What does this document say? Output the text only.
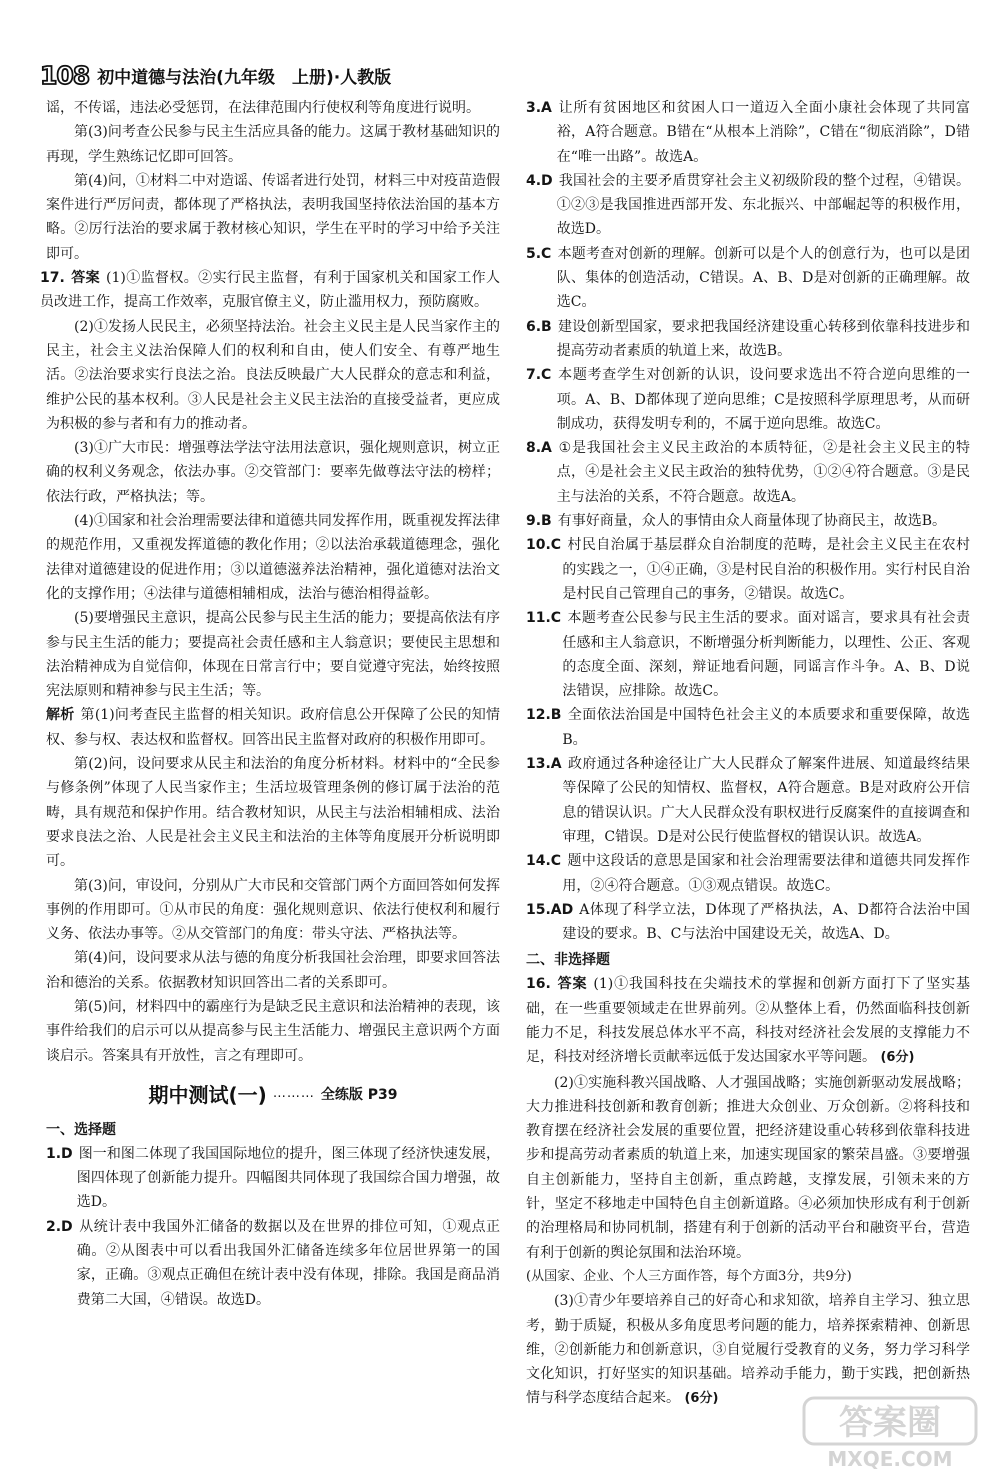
108 初中道德与法治(九年级　上册)·人教版

谣，不传谣，违法必受惩罚，在法律范围内行使权利等角度进行说明。

第(3)问考查公民参与民主生活应具备的能力。这属于教材基础知识的再现，学生熟练记忆即可回答。

第(4)问，①材料二中对造谣、传谣者进行处罚，材料三中对疫苗造假案件进行严厉问责，都体现了严格执法，表明我国坚持依法治国的基本方略。②厉行法治的要求属于教材核心知识，学生在平时的学习中给予关注即可。

17. 答案 (1)①监督权。②实行民主监督，有利于国家机关和国家工作人员改进工作，提高工作效率，克服官僚主义，防止滥用权力，预防腐败。

(2)①发扬人民民主，必须坚持法治。社会主义民主是人民当家作主的民主，社会主义法治保障人们的权利和自由，使人们安全、有尊严地生活。②法治要求实行良法之治。良法反映最广大人民群众的意志和利益，维护公民的基本权利。③人民是社会主义民主法治的直接受益者，更应成为积极的参与者和有力的推动者。

(3)①广大市民：增强尊法学法守法用法意识，强化规则意识，树立正确的权利义务观念，依法办事。②交管部门：要率先做尊法守法的榜样；依法行政，严格执法；等。

(4)①国家和社会治理需要法律和道德共同发挥作用，既重视发挥法律的规范作用，又重视发挥道德的教化作用；②以法治承载道德理念，强化法律对道德建设的促进作用；③以道德滋养法治精神，强化道德对法治文化的支撑作用；④法律与道德相辅相成，法治与德治相得益彰。

(5)要增强民主意识，提高公民参与民主生活的能力；要提高依法有序参与民主生活的能力；要提高社会责任感和主人翁意识；要使民主思想和法治精神成为自觉信仰，体现在日常言行中；要自觉遵守宪法，始终按照宪法原则和精神参与民主生活；等。

解析 第(1)问考查民主监督的相关知识。政府信息公开保障了公民的知情权、参与权、表达权和监督权。回答出民主监督对政府的积极作用即可。

第(2)问，设问要求从民主和法治的角度分析材料。材料中的“全民参与修条例”体现了人民当家作主；生活垃圾管理条例的修订属于法治的范畴，具有规范和保护作用。结合教材知识，从民主与法治相辅相成、法治要求良法之治、人民是社会主义民主和法治的主体等角度展开分析说明即可。

第(3)问，审设问，分别从广大市民和交管部门两个方面回答如何发挥事例的作用即可。①从市民的角度：强化规则意识、依法行使权利和履行义务、依法办事等。②从交管部门的角度：带头守法、严格执法等。

第(4)问，设问要求从法与德的角度分析我国社会治理，即要求回答法治和德治的关系。依据教材知识回答出二者的关系即可。

第(5)问，材料四中的霸座行为是缺乏民主意识和法治精神的表现，该事件给我们的启示可以从提高参与民主生活能力、增强民主意识两个方面谈启示。答案具有开放性，言之有理即可。

期中测试(一) ……… 全练版 P39

一、选择题

1.D 图一和图二体现了我国国际地位的提升，图三体现了经济快速发展，图四体现了创新能力提升。四幅图共同体现了我国综合国力增强，故选D。

2.D 从统计表中我国外汇储备的数据以及在世界的排位可知，①观点正确。②从图表中可以看出我国外汇储备连续多年位居世界第一的国家，正确。③观点正确但在统计表中没有体现，排除。我国是商品消费第二大国，④错误。故选D。

3.A 让所有贫困地区和贫困人口一道迈入全面小康社会体现了共同富裕，A符合题意。B错在“从根本上消除”，C错在“彻底消除”，D错在“唯一出路”。故选A。

4.D 我国社会的主要矛盾贯穿社会主义初级阶段的整个过程，④错误。①②③是我国推进西部开发、东北振兴、中部崛起等的积极作用，故选D。

5.C 本题考查对创新的理解。创新可以是个人的创意行为，也可以是团队、集体的创造活动，C错误。A、B、D是对创新的正确理解。故选C。

6.B 建设创新型国家，要求把我国经济建设重心转移到依靠科技进步和提高劳动者素质的轨道上来，故选B。

7.C 本题考查学生对创新的认识，设问要求选出不符合逆向思维的一项。A、B、D都体现了逆向思维；C是按照科学原理思考，从而研制成功，获得发明专利的，不属于逆向思维。故选C。

8.A ①是我国社会主义民主政治的本质特征，②是社会主义民主的特点，④是社会主义民主政治的独特优势，①②④符合题意。③是民主与法治的关系，不符合题意。故选A。

9.B 有事好商量，众人的事情由众人商量体现了协商民主，故选B。

10.C 村民自治属于基层群众自治制度的范畴，是社会主义民主在农村的实践之一，①④正确，③是村民自治的积极作用。实行村民自治是村民自己管理自己的事务，②错误。故选C。

11.C 本题考查公民参与民主生活的要求。面对谣言，要求具有社会责任感和主人翁意识，不断增强分析判断能力，以理性、公正、客观的态度全面、深刻，辩证地看问题，同谣言作斗争。A、B、D说法错误，应排除。故选C。

12.B 全面依法治国是中国特色社会主义的本质要求和重要保障，故选B。

13.A 政府通过各种途径让广大人民群众了解案件进展、知道最终结果等保障了公民的知情权、监督权，A符合题意。B是对政府公开信息的错误认识。广大人民群众没有职权进行反腐案件的直接调查和审理，C错误。D是对公民行使监督权的错误认识。故选A。

14.C 题中这段话的意思是国家和社会治理需要法律和道德共同发挥作用，②④符合题意。①③观点错误。故选C。

15.AD A体现了科学立法，D体现了严格执法，A、D都符合法治中国建设的要求。B、C与法治中国建设无关，故选A、D。

二、非选择题

16. 答案 (1)①我国科技在尖端技术的掌握和创新方面打下了坚实基础，在一些重要领域走在世界前列。②从整体上看，仍然面临科技创新能力不足，科技发展总体水平不高，科技对经济社会发展的支撑能力不足，科技对经济增长贡献率远低于发达国家水平等问题。 (6分)

(2)①实施科教兴国战略、人才强国战略；实施创新驱动发展战略；大力推进科技创新和教育创新；推进大众创业、万众创新。②将科技和教育摆在经济社会发展的重要位置，把经济建设重心转移到依靠科技进步和提高劳动者素质的轨道上来，加速实现国家的繁荣昌盛。③要增强自主创新能力，坚持自主创新，重点跨越，支撑发展，引领未来的方针，坚定不移地走中国特色自主创新道路。④必须加快形成有利于创新的治理格局和协同机制，搭建有利于创新的活动平台和融资平台，营造有利于创新的舆论氛围和法治环境。

(从国家、企业、个人三方面作答，每个方面3分，共9分)

(3)①青少年要培养自己的好奇心和求知欲，培养自主学习、独立思考，勤于质疑，积极从多角度思考问题的能力，培养探索精神、创新思维，②创新能力和创新意识，③自觉履行受教育的义务，努力学习科学文化知识，打好坚实的知识基础。培养动手能力，勤于实践，把创新热情与科学态度结合起来。 (6分)

答案圈
MXQE.COM
